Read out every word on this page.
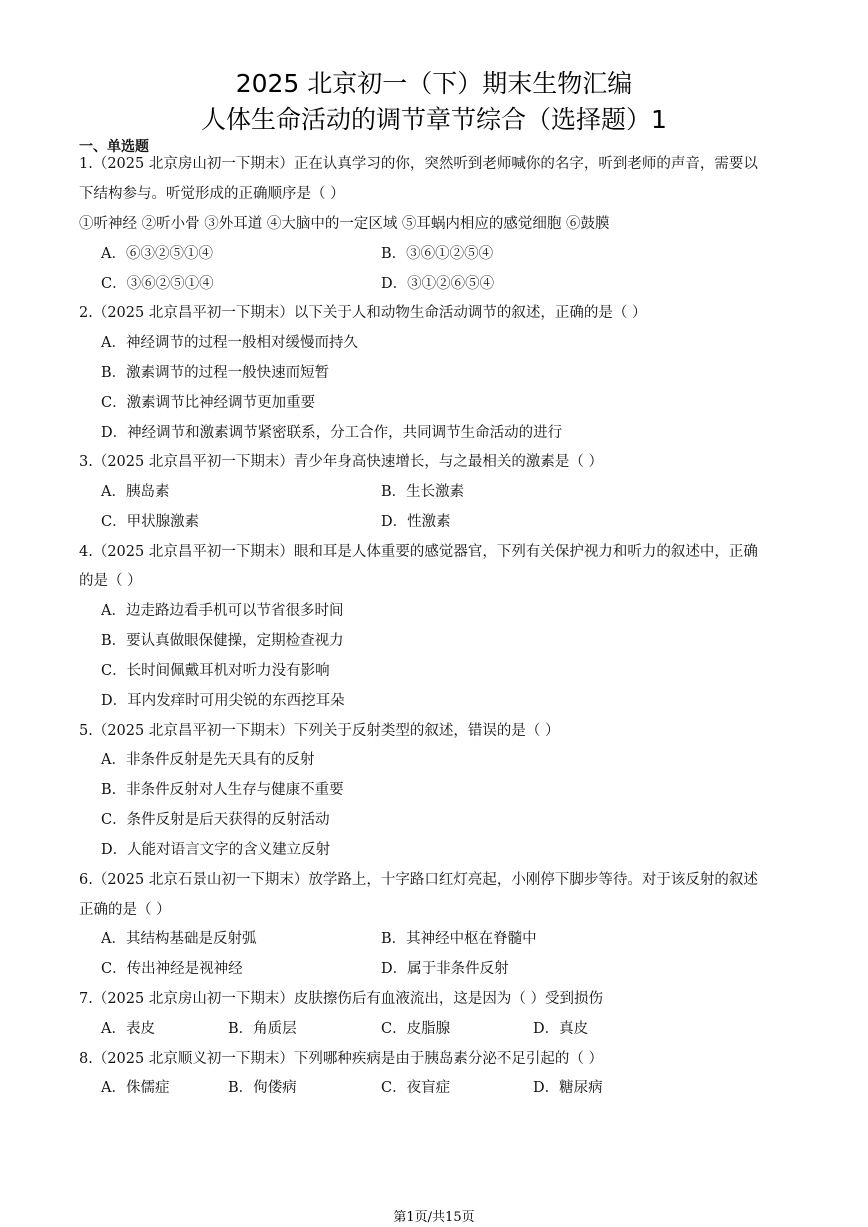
2025 北京初一（下）期末生物汇编
人体生命活动的调节章节综合（选择题）1
一、单选题
1.（2025 北京房山初一下期末）正在认真学习的你，突然听到老师喊你的名字，听到老师的声音，需要以
下结构参与。听觉形成的正确顺序是（ ）
①听神经 ②听小骨 ③外耳道 ④大脑中的一定区域 ⑤耳蜗内相应的感觉细胞 ⑥鼓膜
A．⑥③②⑤①④	B．③⑥①②⑤④
C．③⑥②⑤①④	D．③①②⑥⑤④
2.（2025 北京昌平初一下期末）以下关于人和动物生命活动调节的叙述，正确的是（ ）
A．神经调节的过程一般相对缓慢而持久
B．激素调节的过程一般快速而短暂
C．激素调节比神经调节更加重要
D．神经调节和激素调节紧密联系，分工合作，共同调节生命活动的进行
3.（2025 北京昌平初一下期末）青少年身高快速增长，与之最相关的激素是（ ）
A．胰岛素	B．生长激素
C．甲状腺激素	D．性激素
4.（2025 北京昌平初一下期末）眼和耳是人体重要的感觉器官，下列有关保护视力和听力的叙述中，正确
的是（ ）
A．边走路边看手机可以节省很多时间
B．要认真做眼保健操，定期检查视力
C．长时间佩戴耳机对听力没有影响
D．耳内发痒时可用尖锐的东西挖耳朵
5.（2025 北京昌平初一下期末）下列关于反射类型的叙述，错误的是（ ）
A．非条件反射是先天具有的反射
B．非条件反射对人生存与健康不重要
C．条件反射是后天获得的反射活动
D．人能对语言文字的含义建立反射
6.（2025 北京石景山初一下期末）放学路上，十字路口红灯亮起，小刚停下脚步等待。对于该反射的叙述
正确的是（ ）
A．其结构基础是反射弧	B．其神经中枢在脊髓中
C．传出神经是视神经	D．属于非条件反射
7.（2025 北京房山初一下期末）皮肤擦伤后有血液流出，这是因为（ ）受到损伤
A．表皮	B．角质层	C．皮脂腺	D．真皮
8.（2025 北京顺义初一下期末）下列哪种疾病是由于胰岛素分泌不足引起的（ ）
A．侏儒症	B．佝偻病	C．夜盲症	D．糖尿病
第1页/共15页
